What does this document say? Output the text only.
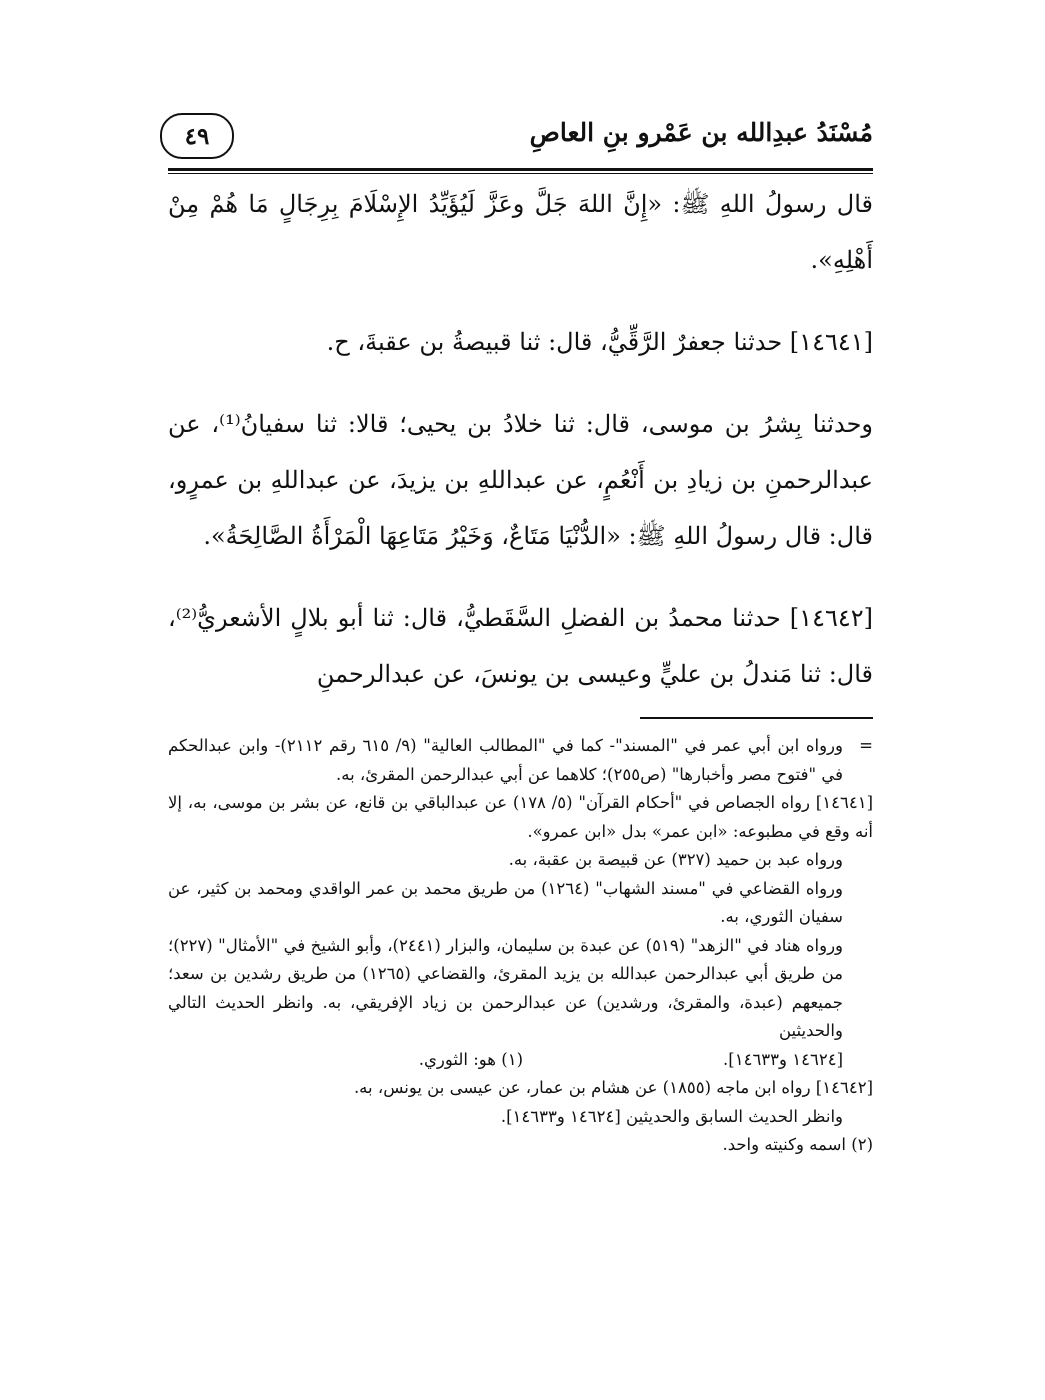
مُسْنَدُ عبدِالله بن عَمْرو بنِ العاصِ
٤٩

قال رسولُ اللهِ ﷺ: «إِنَّ اللهَ جَلَّ وعَزَّ لَيُؤَيِّدُ الإِسْلَامَ بِرِجَالٍ مَا هُمْ مِنْ أَهْلِهِ».

[١٤٦٤١] حدثنا جعفرٌ الرَّقِّيُّ، قال: ثنا قبيصةُ بن عقبةَ، ح.

وحدثنا بِشرُ بن موسى، قال: ثنا خلادُ بن يحيى؛ قالا: ثنا سفيانُ⁽¹⁾، عن عبدالرحمنِ بن زيادِ بن أَنْعُمٍ، عن عبداللهِ بن يزيدَ، عن عبداللهِ بن عمرٍو، قال: قال رسولُ اللهِ ﷺ: «الدُّنْيَا مَتَاعٌ، وَخَيْرُ مَتَاعِهَا الْمَرْأَةُ الصَّالِحَةُ».

[١٤٦٤٢] حدثنا محمدُ بن الفضلِ السَّقَطيُّ، قال: ثنا أبو بلالٍ الأشعريُّ⁽²⁾، قال: ثنا مَندلُ بن عليٍّ وعيسى بن يونسَ، عن عبدالرحمنِ

=
ورواه ابن أبي عمر في "المسند"- كما في "المطالب العالية" (٩/ ٦١٥ رقم ٢١١٢)- وابن عبدالحكم في "فتوح مصر وأخبارها" (ص٢٥٥)؛ كلاهما عن أبي عبدالرحمن المقرئ، به.

[١٤٦٤١] رواه الجصاص في "أحكام القرآن" (٥/ ١٧٨) عن عبدالباقي بن قانع، عن بشر بن موسى، به، إلا أنه وقع في مطبوعه: «ابن عمر» بدل «ابن عمرو».

ورواه عبد بن حميد (٣٢٧) عن قبيصة بن عقبة، به.

ورواه القضاعي في "مسند الشهاب" (١٢٦٤) من طريق محمد بن عمر الواقدي ومحمد بن كثير، عن سفيان الثوري، به.

ورواه هناد في "الزهد" (٥١٩) عن عبدة بن سليمان، والبزار (٢٤٤١)، وأبو الشيخ في "الأمثال" (٢٢٧)؛ من طريق أبي عبدالرحمن عبدالله بن يزيد المقرئ، والقضاعي (١٢٦٥) من طريق رشدين بن سعد؛ جميعهم (عبدة، والمقرئ، ورشدين) عن عبدالرحمن بن زياد الإفريقي، به. وانظر الحديث التالي والحديثين

[١٤٦٢٤ و١٤٦٣٣].
(١) هو: الثوري.

[١٤٦٤٢] رواه ابن ماجه (١٨٥٥) عن هشام بن عمار، عن عيسى بن يونس، به.

وانظر الحديث السابق والحديثين [١٤٦٢٤ و١٤٦٣٣].

(٢) اسمه وكنيته واحد.
